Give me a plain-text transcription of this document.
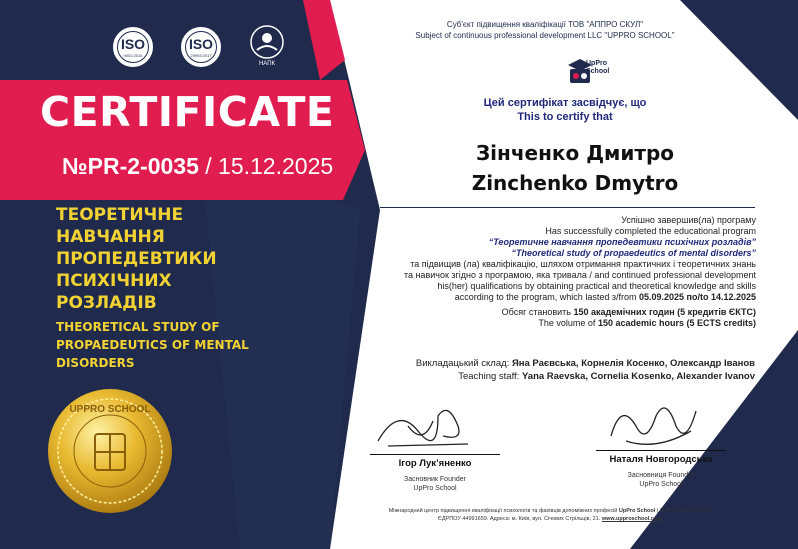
ISO
9001:2015
ISO
29993:2017
НАПК
CERTIFICATE
№PR-2-0035 / 15.12.2025
ТЕОРЕТИЧНЕ НАВЧАННЯ ПРОПЕДЕВТИКИ ПСИХІЧНИХ РОЗЛАДІВ
THEORETICAL STUDY OF PROPAEDEUTICS OF MENTAL DISORDERS
UPPRO SCHOOL
Суб'єкт підвищення кваліфікації ТОВ "АППРО СКУЛ"
Subject of continuous professional development LLC "UPPRO SCHOOL"
UpPro
School
Цей сертифікат засвідчує, що
This to certify that
Зінченко Дмитро
Zinchenko Dmytro
Успішно завершив(ла) програму
Has successfully completed the educational program
“Теоретичне навчання пропедевтики психічних розладів”
“Theoretical study of propaedeutics of mental disorders”
та підвищив (ла) кваліфікацію, шляхом отримання практичних і теоретичних знань
та навичок згідно з програмою, яка тривала / and continued professional development
his(her) qualifications by obtaining practical and theoretical knowledge and skills
according to the program, which lasted з/from 05.09.2025 по/to 14.12.2025
Обсяг становить 150 академічних годин (5 кредитів ЄКТС)
The volume of 150 academic hours (5 ECTS credits)
Викладацький склад: Яна Раєвська, Корнелія Косенко, Олександр Іванов
Teaching staff: Yana Raevska, Cornelia Kosenko, Alexander Ivanov
Ігор Лук’яненко
Засновник Founder
UpPro School
Наталя Новгородська
Засновниця Founder
UpPro School
Міжнародний центр підвищення кваліфікації психологів та фахівців допоміжних професій UpPro School | ТОВ "АППРО СКУЛ"
ЄДРПОУ 44991659. Адреса: м. Київ, вул. Січових Стрільців, 21. www.upproschool.com
